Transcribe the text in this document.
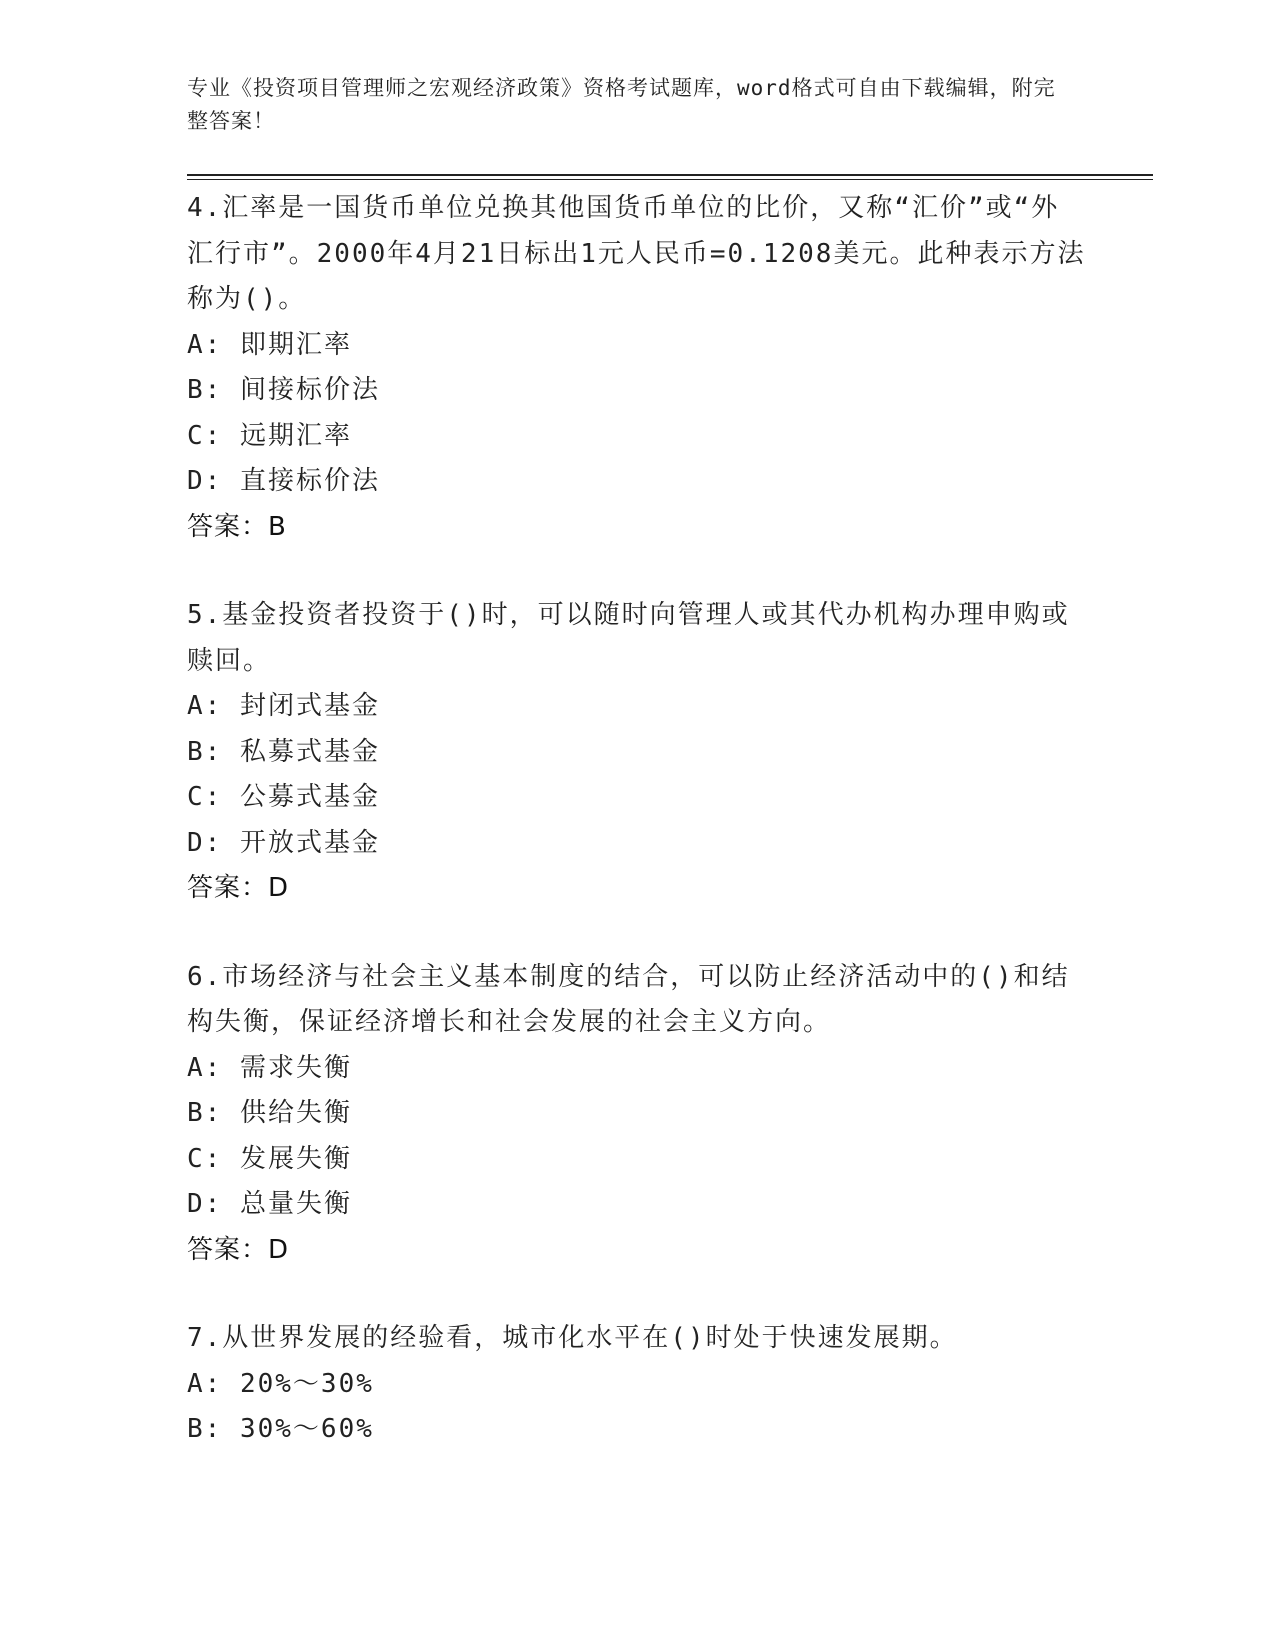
专业《投资项目管理师之宏观经济政策》资格考试题库，word格式可自由下载编辑，附完整答案！

4.汇率是一国货币单位兑换其他国货币单位的比价，又称“汇价”或“外汇行市”。2000年4月21日标出1元人民币=0.1208美元。此种表示方法称为()。

A: 即期汇率

B: 间接标价法

C: 远期汇率

D: 直接标价法

答案：B

5.基金投资者投资于()时，可以随时向管理人或其代办机构办理申购或赎回。

A: 封闭式基金

B: 私募式基金

C: 公募式基金

D: 开放式基金

答案：D

6.市场经济与社会主义基本制度的结合，可以防止经济活动中的()和结构失衡，保证经济增长和社会发展的社会主义方向。

A: 需求失衡

B: 供给失衡

C: 发展失衡

D: 总量失衡

答案：D

7.从世界发展的经验看，城市化水平在()时处于快速发展期。

A: 20%～30%

B: 30%～60%
